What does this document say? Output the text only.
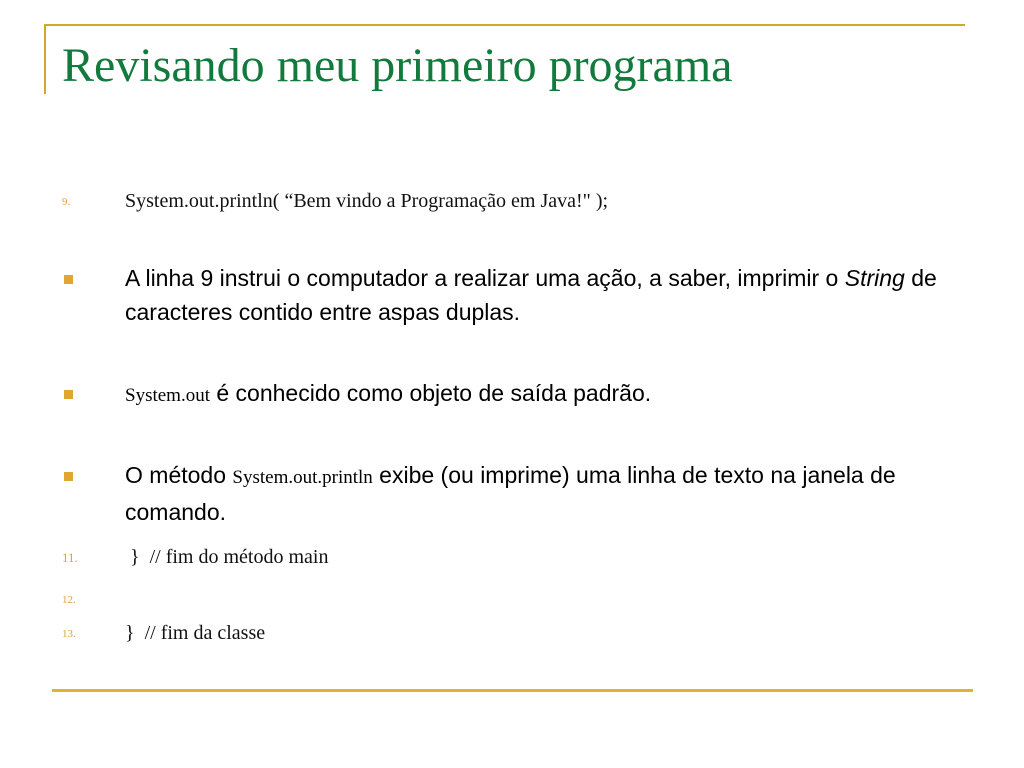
Revisando meu primeiro programa
9.	System.out.println( “Bem vindo a Programação em Java!" );
A linha 9 instrui o computador a realizar uma ação, a saber, imprimir o String de caracteres contido entre aspas duplas.
System.out é conhecido como objeto de saída padrão.
O método System.out.println exibe (ou imprime) uma linha de texto na janela de comando.
11. }  // fim do método main
12.
13. }  // fim da classe
